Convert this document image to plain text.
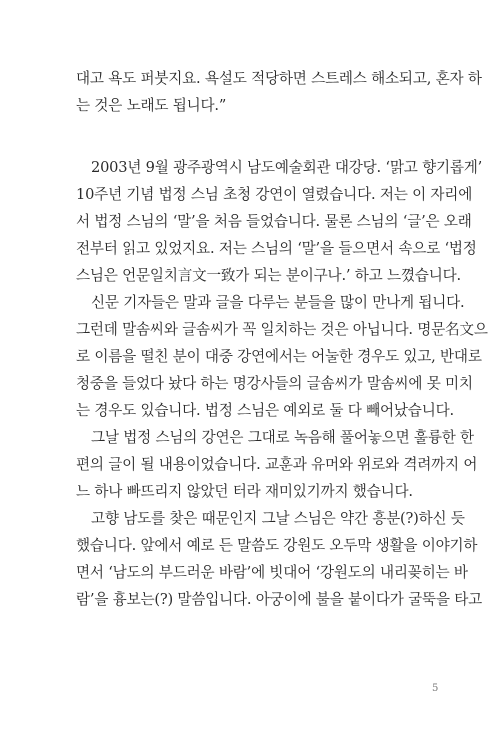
대고 욕도 퍼붓지요. 욕설도 적당하면 스트레스 해소되고, 혼자 하
는 것은 노래도 됩니다.”
2003년 9월 광주광역시 남도예술회관 대강당. ‘맑고 향기롭게’
10주년 기념 법정 스님 초청 강연이 열렸습니다. 저는 이 자리에
서 법정 스님의 ‘말’을 처음 들었습니다. 물론 스님의 ‘글’은 오래
전부터 읽고 있었지요. 저는 스님의 ‘말’을 들으면서 속으로 ‘법정
스님은 언문일치言文一致가 되는 분이구나.’ 하고 느꼈습니다.
신문 기자들은 말과 글을 다루는 분들을 많이 만나게 됩니다.
그런데 말솜씨와 글솜씨가 꼭 일치하는 것은 아닙니다. 명문名文으
로 이름을 떨친 분이 대중 강연에서는 어눌한 경우도 있고, 반대로
청중을 들었다 놨다 하는 명강사들의 글솜씨가 말솜씨에 못 미치
는 경우도 있습니다. 법정 스님은 예외로 둘 다 빼어났습니다.
그날 법정 스님의 강연은 그대로 녹음해 풀어놓으면 훌륭한 한
편의 글이 될 내용이었습니다. 교훈과 유머와 위로와 격려까지 어
느 하나 빠뜨리지 않았던 터라 재미있기까지 했습니다.
고향 남도를 찾은 때문인지 그날 스님은 약간 흥분(?)하신 듯
했습니다. 앞에서 예로 든 말씀도 강원도 오두막 생활을 이야기하
면서 ‘남도의 부드러운 바람’에 빗대어 ‘강원도의 내리꽂히는 바
람’을 흉보는(?) 말씀입니다. 아궁이에 불을 붙이다가 굴뚝을 타고
5
